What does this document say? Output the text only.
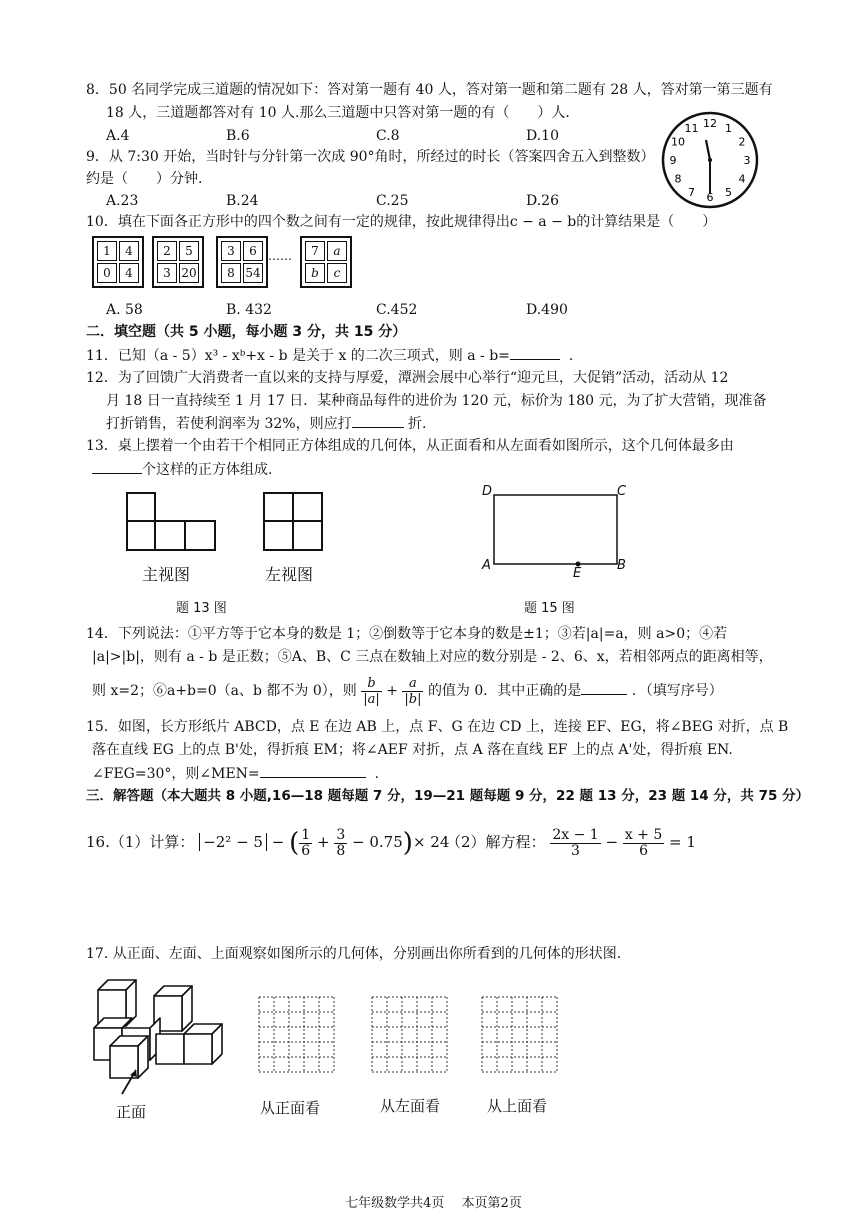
8．50 名同学完成三道题的情况如下：答对第一题有 40 人，答对第一题和第二题有 28 人，答对第一第三题有
18 人，三道题都答对有 10 人.那么三道题中只答对第一题的有（　　）人.
A.4	B.6	C.8	D.10
9．从 7:30 开始，当时针与分针第一次成 90°角时，所经过的时长（答案四舍五入到整数）
约是（　　）分钟.
A.23	B.24	C.25	D.26
12 1
2
3
4
5
6
7
8
9
10
11
10．填在下面各正方形中的四个数之间有一定的规律，按此规律得出c − a − b的计算结果是（　　）
1	4
0	4
2	5
3 20
3	6
8 54
7	a
b	c
……
A. 58	B. 432	C.452	D.490
二．填空题（共 5 小题，每小题 3 分，共 15 分）
11．已知（a - 5）x³ - xᵇ+x - b 是关于 x 的二次三项式，则 a - b=	.
12．为了回馈广大消费者一直以来的支持与厚爱，潭洲会展中心举行“迎元旦，大促销”活动，活动从 12
月 18 日一直持续至 1 月 17 日．某种商品每件的进价为 120 元，标价为 180 元，为了扩大营销，现准备
打折销售，若使利润率为 32%，则应打	折.
13．桌上摆着一个由若干个相同正方体组成的几何体，从正面看和从左面看如图所示，这个几何体最多由
个这样的正方体组成.
主视图	左视图
题 13 图
D	C
A	B
E
题 15 图
14．下列说法：①平方等于它本身的数是 1；②倒数等于它本身的数是±1；③若|a|=a，则 a>0；④若
|a|>|b|，则有 a - b 是正数；⑤A、B、C 三点在数轴上对应的数分别是 - 2、6、x，若相邻两点的距离相等，
则 x=2；⑥a+b=0（a、b 都不为 0），则 $\frac{b}{|a|} + \frac{a}{|b|}$ 的值为 0．其中正确的是	．（填写序号）
15．如图，长方形纸片 ABCD，点 E 在边 AB 上，点 F、G 在边 CD 上，连接 EF、EG，将∠BEG 对折，点 B
落在直线 EG 上的点 B'处，得折痕 EM；将∠AEF 对折，点 A 落在直线 EF 上的点 A'处，得折痕 EN.
∠FEG=30°，则∠MEN=	.
三．解答题（本大题共 8 小题,16—18 题每题 7 分，19—21 题每题 9 分，22 题 13 分，23 题 14 分，共 75 分）
16.（1）计算： −2² − 5 − ( $\frac{1}{6} + \frac{3}{8} - 0.75)\times 24$
（2）解方程： $\frac{2x - 1}{3} - \frac{x + 5}{6} = 1$
17. 从正面、左面、上面观察如图所示的几何体，分别画出你所看到的几何体的形状图.
正面	从正面看	从左面看	从上面看
七年级数学共4页　 本页第2页
